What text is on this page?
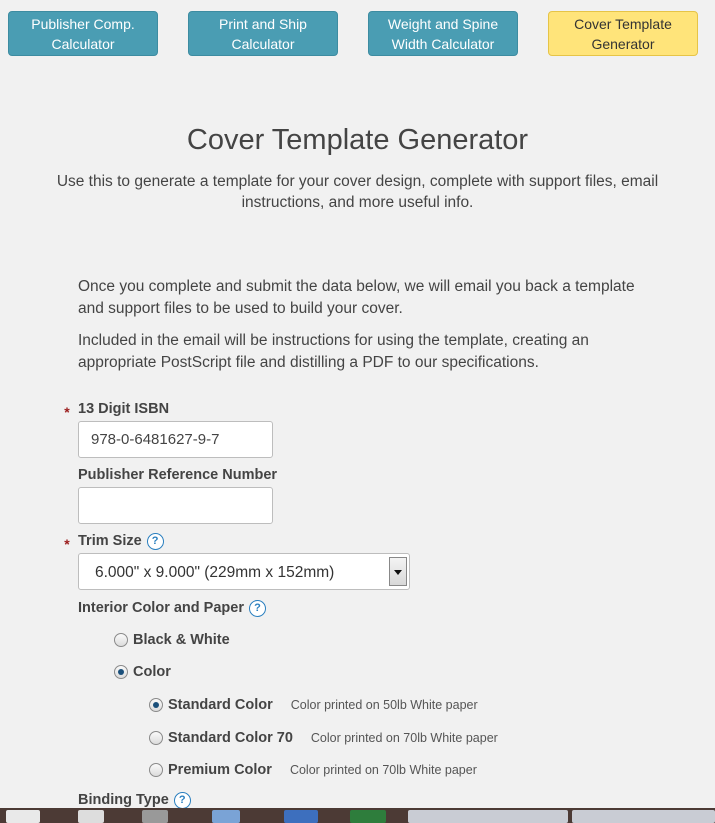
Publisher Comp.
Calculator
Print and Ship
Calculator
Weight and Spine
Width Calculator
Cover Template
Generator
Cover Template Generator
Use this to generate a template for your cover design, complete with support files, email instructions, and more useful info.
Once you complete and submit the data below, we will email you back a template and support files to be used to build your cover.
Included in the email will be instructions for using the template, creating an appropriate PostScript file and distilling a PDF to our specifications.
* 13 Digit ISBN
978-0-6481627-9-7
Publisher Reference Number
* Trim Size ?
6.000" x 9.000" (229mm x 152mm)
Interior Color and Paper ?
Black & White
Color
Standard Color Color printed on 50lb White paper
Standard Color 70 Color printed on 70lb White paper
Premium Color Color printed on 70lb White paper
Binding Type ?
